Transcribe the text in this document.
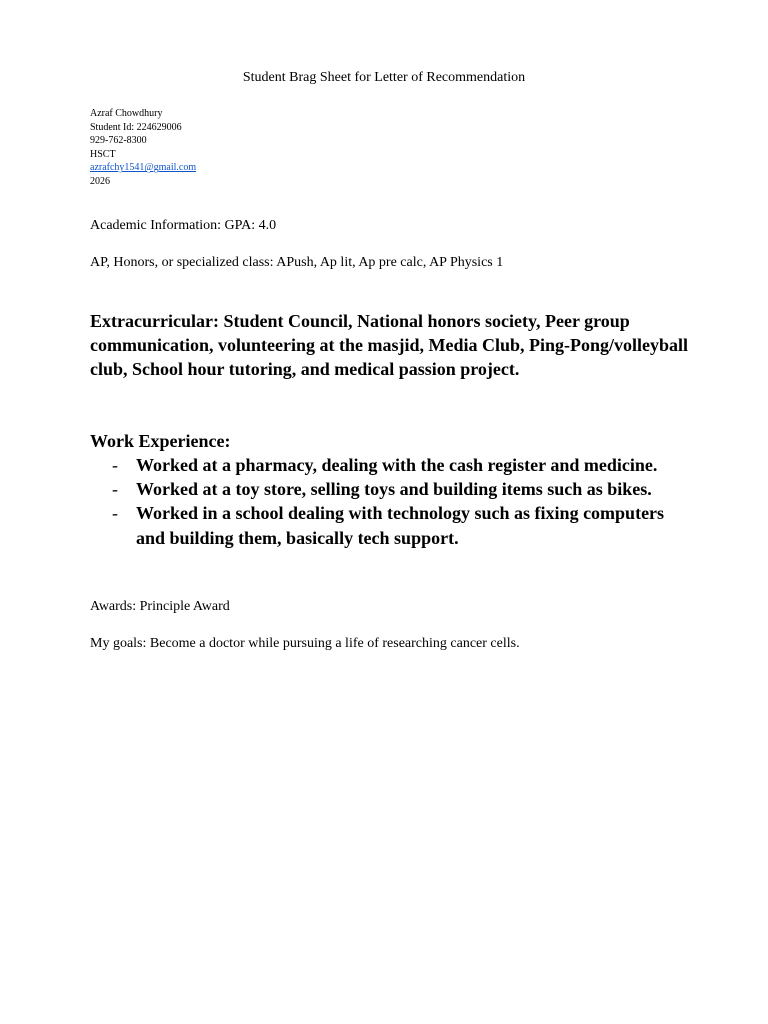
Student Brag Sheet for Letter of Recommendation
Azraf Chowdhury
Student Id: 224629006
929-762-8300
HSCT
azrafchy1541@gmail.com
2026
Academic Information: GPA: 4.0
AP, Honors, or specialized class: APush, Ap lit, Ap pre calc, AP Physics 1
Extracurricular: Student Council, National honors society, Peer group communication, volunteering at the masjid, Media Club, Ping-Pong/volleyball club, School hour tutoring, and medical passion project.
Work Experience:
- Worked at a pharmacy, dealing with the cash register and medicine.
- Worked at a toy store, selling toys and building items such as bikes.
- Worked in a school dealing with technology such as fixing computers and building them, basically tech support.
Awards: Principle Award
My goals: Become a doctor while pursuing a life of researching cancer cells.
